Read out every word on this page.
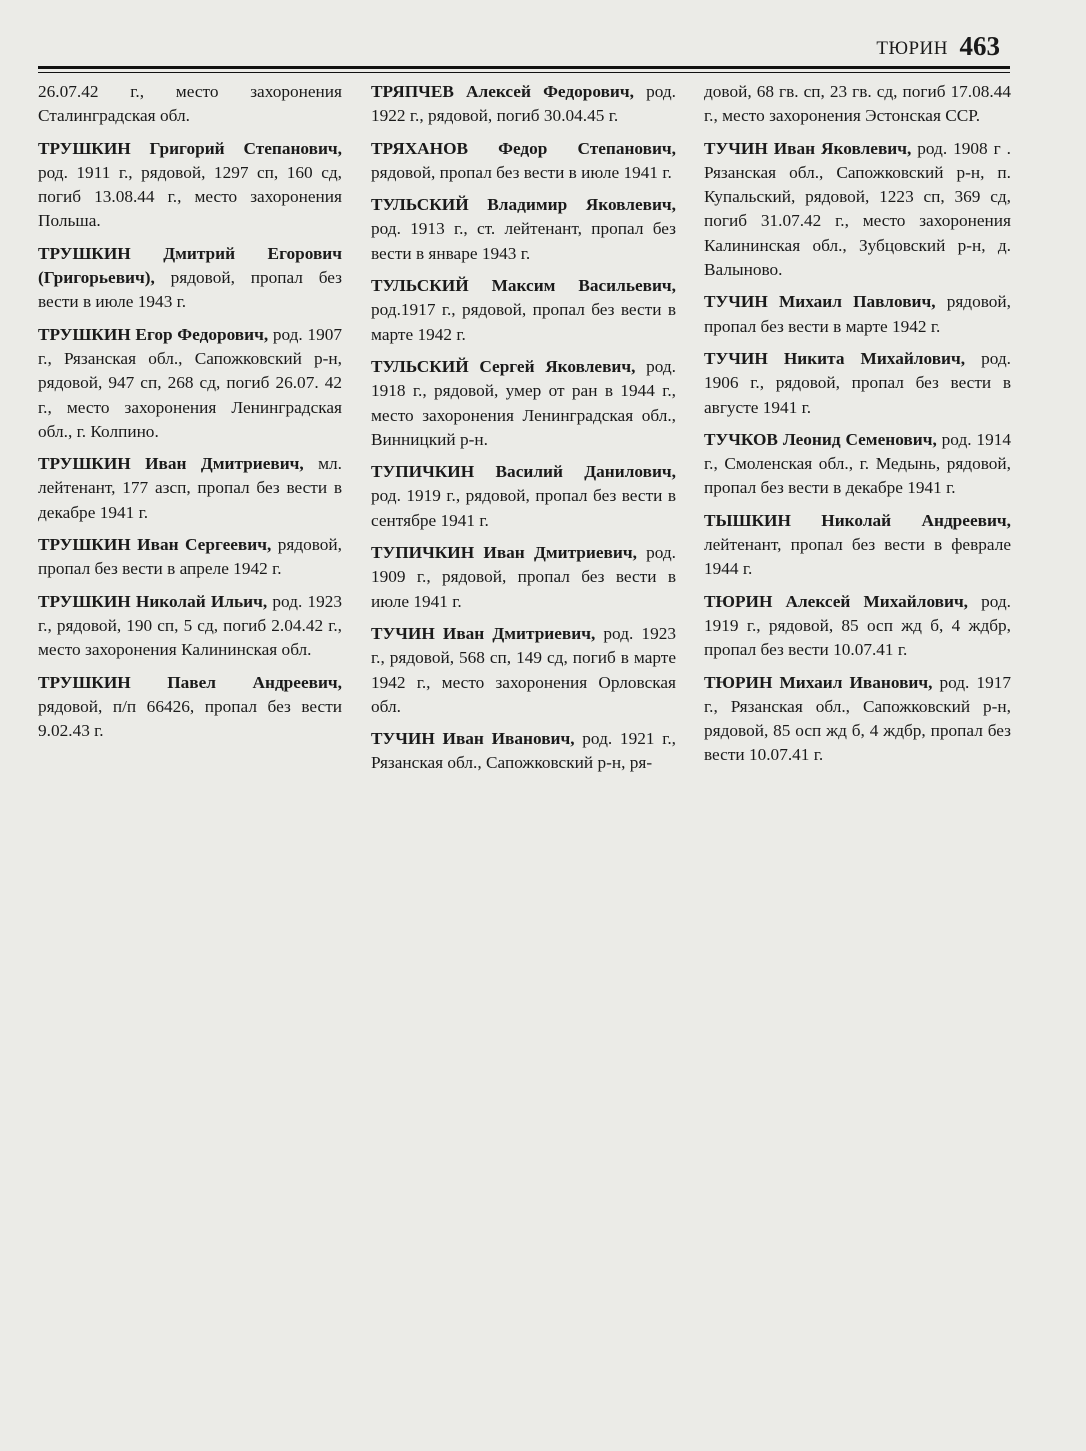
ТЮРИН 463

26.07.42 г., место захоронения Сталинградская обл.

ТРУШКИН Григорий Степанович, род. 1911 г., рядовой, 1297 сп, 160 сд, погиб 13.08.44 г., место захоронения Польша.

ТРУШКИН Дмитрий Егорович (Григорьевич), рядовой, пропал без вести в июле 1943 г.

ТРУШКИН Егор Федорович, род. 1907 г., Рязанская обл., Сапожковский р-н, рядовой, 947 сп, 268 сд, погиб 26.07. 42 г., место захоронения Ленинградская обл., г. Колпино.

ТРУШКИН Иван Дмитриевич, мл. лейтенант, 177 азсп, пропал без вести в декабре 1941 г.

ТРУШКИН Иван Сергеевич, рядовой, пропал без вести в апреле 1942 г.

ТРУШКИН Николай Ильич, род. 1923 г., рядовой, 190 сп, 5 сд, погиб 2.04.42 г., место захоронения Калининская обл.

ТРУШКИН Павел Андреевич, рядовой, п/п 66426, пропал без вести 9.02.43 г.

ТРЯПЧЕВ Алексей Федорович, род. 1922 г., рядовой, погиб 30.04.45 г.

ТРЯХАНОВ Федор Степанович, рядовой, пропал без вести в июле 1941 г.

ТУЛЬСКИЙ Владимир Яковлевич, род. 1913 г., ст. лейтенант, пропал без вести в январе 1943 г.

ТУЛЬСКИЙ Максим Васильевич, род.1917 г., рядовой, пропал без вести в марте 1942 г.

ТУЛЬСКИЙ Сергей Яковлевич, род. 1918 г., рядовой, умер от ран в 1944 г., место захоронения Ленинградская обл., Винницкий р-н.

ТУПИЧКИН Василий Данилович, род. 1919 г., рядовой, пропал без вести в сентябре 1941 г.

ТУПИЧКИН Иван Дмитриевич, род. 1909 г., рядовой, пропал без вести в июле 1941 г.

ТУЧИН Иван Дмитриевич, род. 1923 г., рядовой, 568 сп, 149 сд, погиб в марте 1942 г., место захоронения Орловская обл.

ТУЧИН Иван Иванович, род. 1921 г., Рязанская обл., Сапожковский р-н, ря-

довой, 68 гв. сп, 23 гв. сд, погиб 17.08.44 г., место захоронения Эстонская ССР.

ТУЧИН Иван Яковлевич, род. 1908 г . Рязанская обл., Сапожковский р-н, п. Купальский, рядовой, 1223 сп, 369 сд, погиб 31.07.42 г., место захоронения Калининская обл., Зубцовский р-н, д. Валыново.

ТУЧИН Михаил Павлович, рядовой, пропал без вести в марте 1942 г.

ТУЧИН Никита Михайлович, род. 1906 г., рядовой, пропал без вести в августе 1941 г.

ТУЧКОВ Леонид Семенович, род. 1914 г., Смоленская обл., г. Медынь, рядовой, пропал без вести в декабре 1941 г.

ТЫШКИН Николай Андреевич, лейтенант, пропал без вести в феврале 1944 г.

ТЮРИН Алексей Михайлович, род. 1919 г., рядовой, 85 осп жд б, 4 ждбр, пропал без вести 10.07.41 г.

ТЮРИН Михаил Иванович, род. 1917 г., Рязанская обл., Сапожковский р-н, рядовой, 85 осп жд б, 4 ждбр, пропал без вести 10.07.41 г.
